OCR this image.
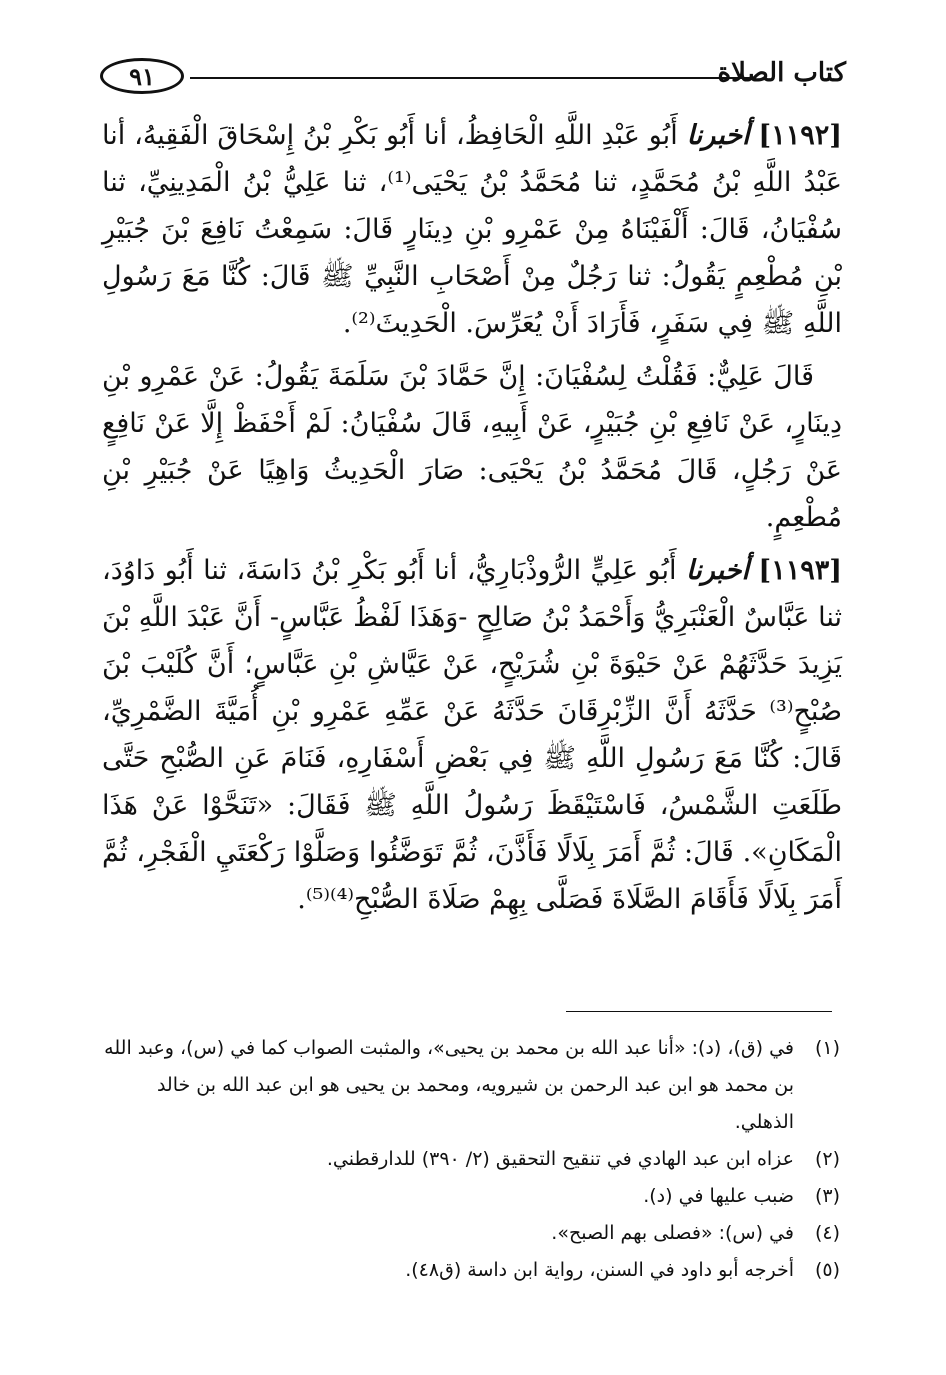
٩١	كتاب الصلاة

[١١٩٢] أخبرنا أَبُو عَبْدِ اللَّهِ الْحَافِظُ، أنا أَبُو بَكْرِ بْنُ إِسْحَاقَ الْفَقِيهُ، أنا عَبْدُ اللَّهِ بْنُ مُحَمَّدٍ، ثنا مُحَمَّدُ بْنُ يَحْيَى⁽¹⁾، ثنا عَلِيُّ بْنُ الْمَدِينِيِّ، ثنا سُفْيَانُ، قَالَ: أَلْفَيْنَاهُ مِنْ عَمْرِو بْنِ دِينَارٍ قَالَ: سَمِعْتُ نَافِعَ بْنَ جُبَيْرِ بْنِ مُطْعِمٍ يَقُولُ: ثنا رَجُلٌ مِنْ أَصْحَابِ النَّبِيِّ ﷺ قَالَ: كُنَّا مَعَ رَسُولِ اللَّهِ ﷺ فِي سَفَرٍ، فَأَرَادَ أَنْ يُعَرِّسَ. الْحَدِيثَ⁽²⁾.

قَالَ عَلِيٌّ: فَقُلْتُ لِسُفْيَانَ: إِنَّ حَمَّادَ بْنَ سَلَمَةَ يَقُولُ: عَنْ عَمْرِو بْنِ دِينَارٍ، عَنْ نَافِعِ بْنِ جُبَيْرٍ، عَنْ أَبِيهِ، قَالَ سُفْيَانُ: لَمْ أَحْفَظْ إِلَّا عَنْ نَافِعٍ عَنْ رَجُلٍ، قَالَ مُحَمَّدُ بْنُ يَحْيَى: صَارَ الْحَدِيثُ وَاهِيًا عَنْ جُبَيْرِ بْنِ مُطْعِمٍ.

[١١٩٣] أخبرنا أَبُو عَلِيٍّ الرُّوذْبَارِيُّ، أنا أَبُو بَكْرِ بْنُ دَاسَةَ، ثنا أَبُو دَاوُدَ، ثنا عَبَّاسٌ الْعَنْبَرِيُّ وَأَحْمَدُ بْنُ صَالِحٍ -وَهَذَا لَفْظُ عَبَّاسٍ- أَنَّ عَبْدَ اللَّهِ بْنَ يَزِيدَ حَدَّثَهُمْ عَنْ حَيْوَةَ بْنِ شُرَيْحٍ، عَنْ عَيَّاشِ بْنِ عَبَّاسٍ؛ أَنَّ كُلَيْبَ بْنَ صُبْحٍ⁽³⁾ حَدَّثَهُ أَنَّ الزِّبْرِقَانَ حَدَّثَهُ عَنْ عَمِّهِ عَمْرِو بْنِ أُمَيَّةَ الضَّمْرِيِّ، قَالَ: كُنَّا مَعَ رَسُولِ اللَّهِ ﷺ فِي بَعْضِ أَسْفَارِهِ، فَنَامَ عَنِ الصُّبْحِ حَتَّى طَلَعَتِ الشَّمْسُ، فَاسْتَيْقَظَ رَسُولُ اللَّهِ ﷺ فَقَالَ: «تَنَحَّوْا عَنْ هَذَا الْمَكَانِ». قَالَ: ثُمَّ أَمَرَ بِلَالًا فَأَذَّنَ، ثُمَّ تَوَضَّئُوا وَصَلَّوْا رَكْعَتَيِ الْفَجْرِ، ثُمَّ أَمَرَ بِلَالًا فَأَقَامَ الصَّلَاةَ فَصَلَّى بِهِمْ صَلَاةَ الصُّبْحِ⁽⁴⁾⁽⁵⁾.

(١)
في (ق)، (د): «أنا عبد الله بن محمد بن يحيى»، والمثبت الصواب كما في (س)، وعبد الله بن محمد هو ابن عبد الرحمن بن شيرويه، ومحمد بن يحيى هو ابن عبد الله بن خالد الذهلي.
(٢)
عزاه ابن عبد الهادي في تنقيح التحقيق (٢/ ٣٩٠) للدارقطني.
(٣)
ضبب عليها في (د).
(٤)
في (س): «فصلى بهم الصبح».
(٥)
أخرجه أبو داود في السنن، رواية ابن داسة (ق٤٨).
